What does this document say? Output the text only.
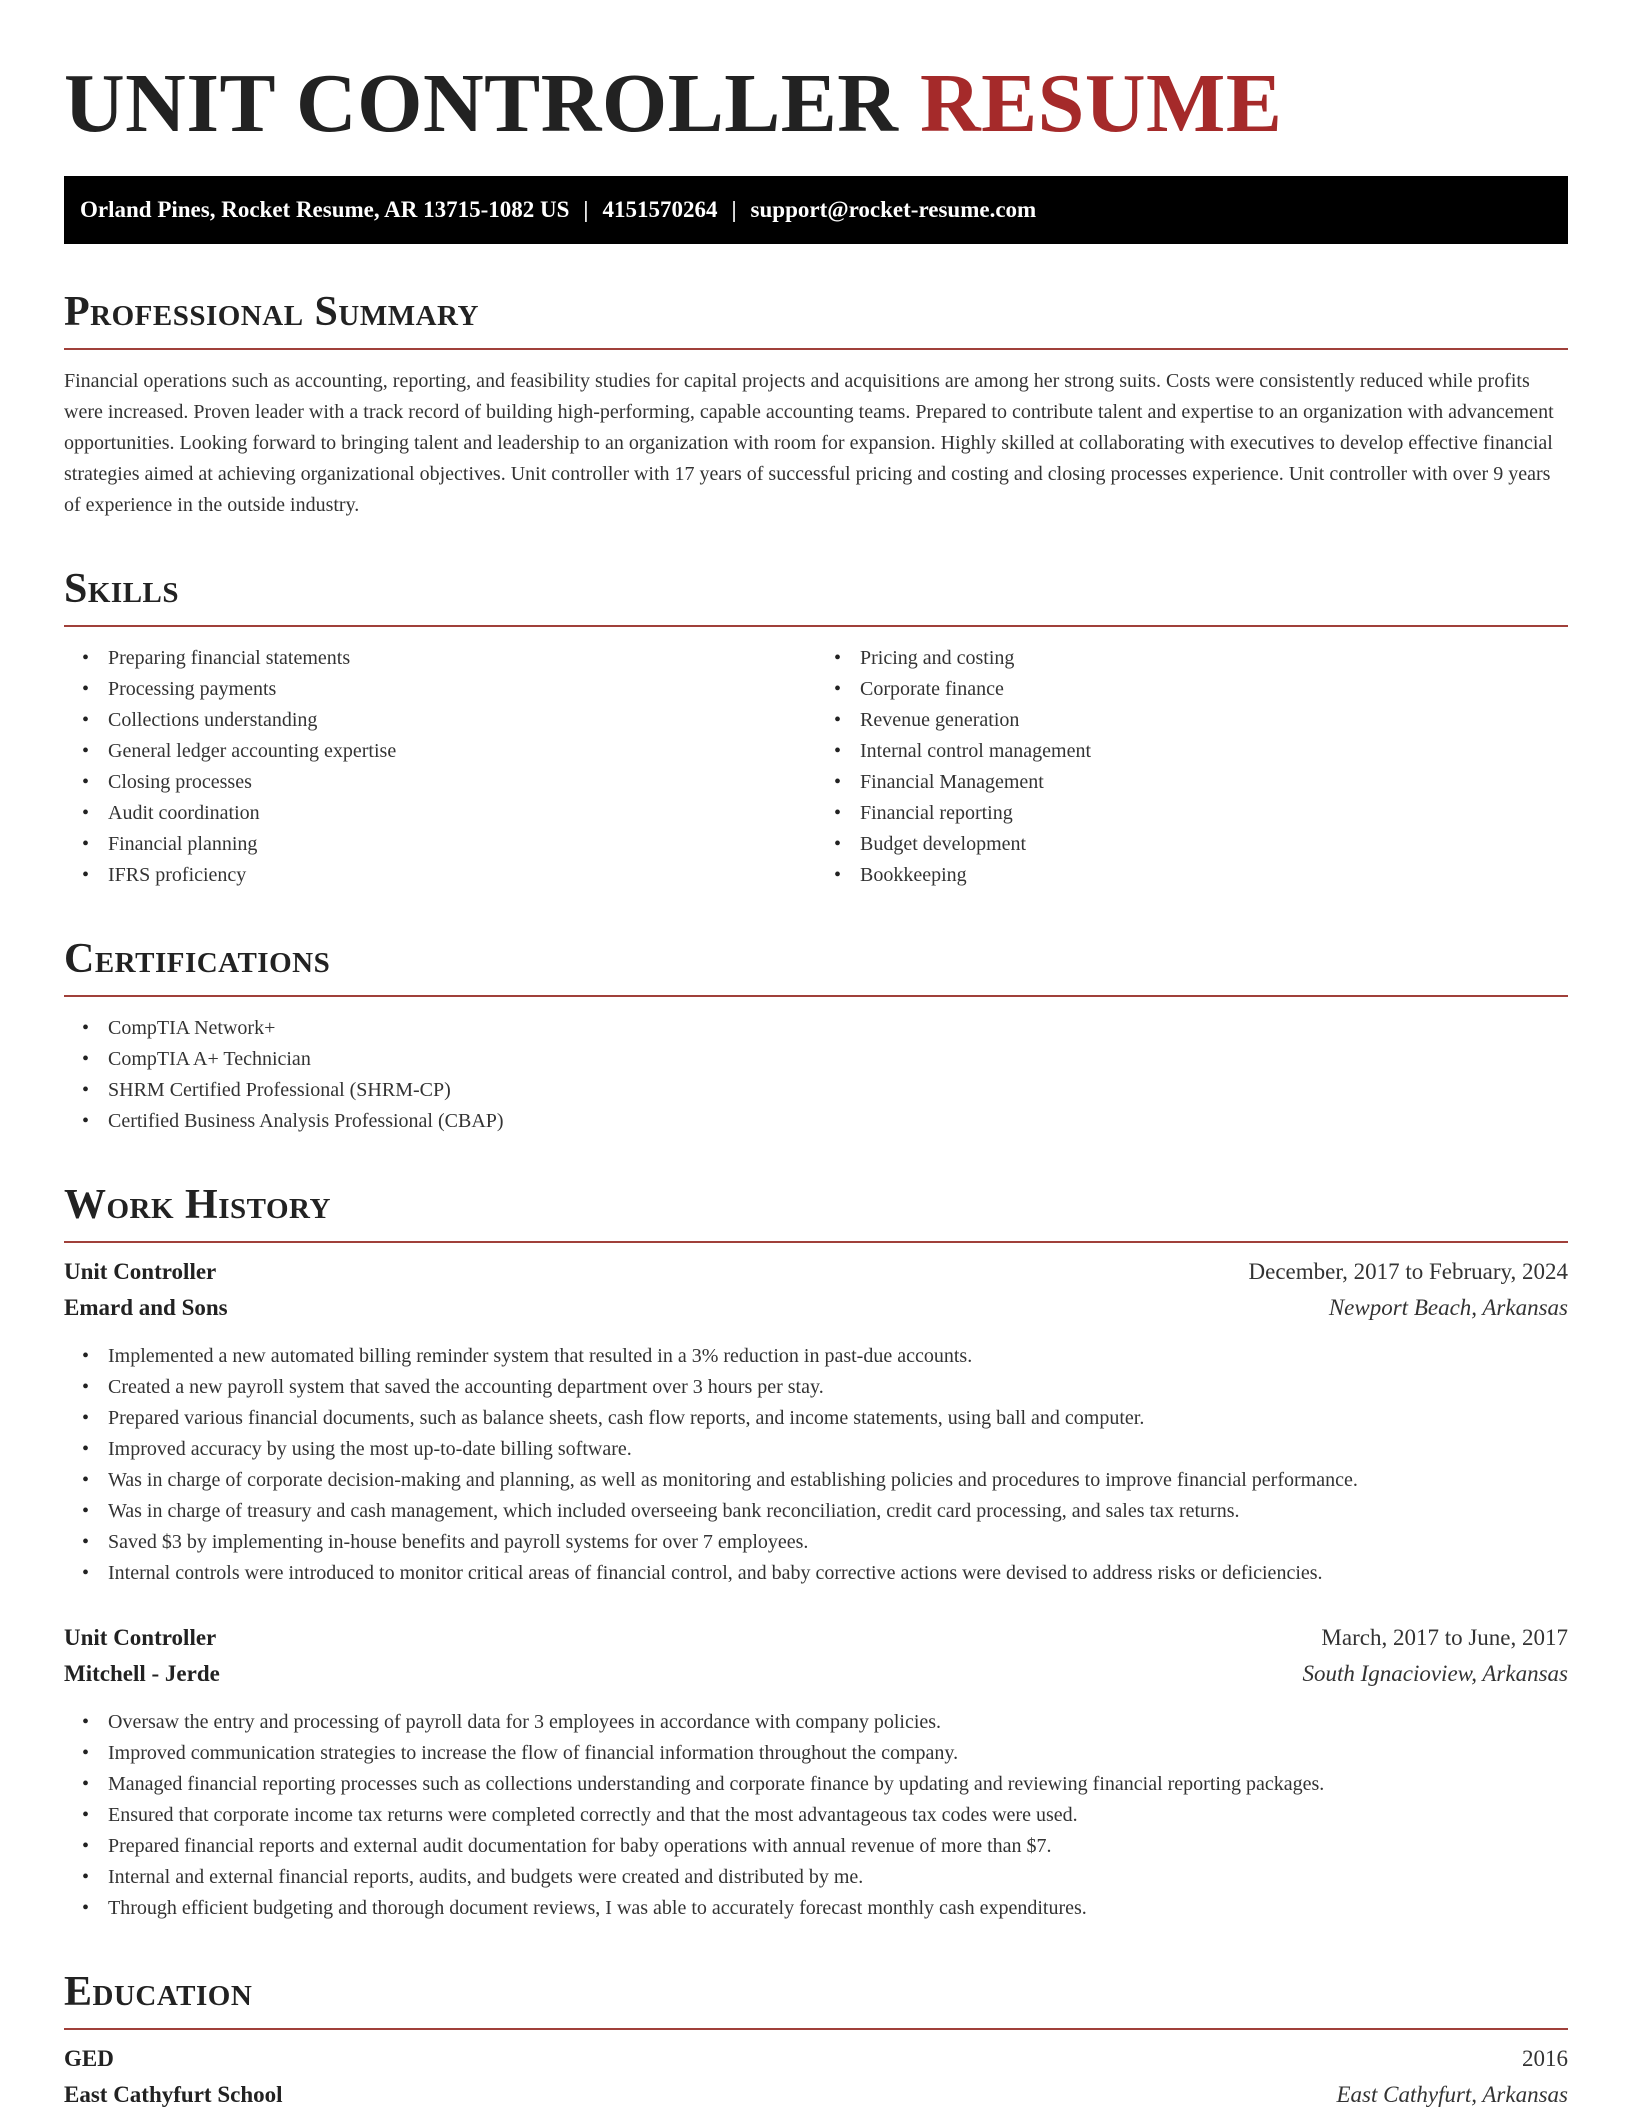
UNIT CONTROLLER RESUME
Orland Pines, Rocket Resume, AR 13715-1082 US | 4151570264 | support@rocket-resume.com
Professional Summary

Financial operations such as accounting, reporting, and feasibility studies for capital projects and acquisitions are among her strong suits. Costs were consistently reduced while profits were increased. Proven leader with a track record of building high-performing, capable accounting teams. Prepared to contribute talent and expertise to an organization with advancement opportunities. Looking forward to bringing talent and leadership to an organization with room for expansion. Highly skilled at collaborating with executives to develop effective financial strategies aimed at achieving organizational objectives. Unit controller with 17 years of successful pricing and costing and closing processes experience. Unit controller with over 9 years of experience in the outside industry.

Skills
• Preparing financial statements
• Processing payments
• Collections understanding
• General ledger accounting expertise
• Closing processes
• Audit coordination
• Financial planning
• IFRS proficiency
• Pricing and costing
• Corporate finance
• Revenue generation
• Internal control management
• Financial Management
• Financial reporting
• Budget development
• Bookkeeping
Certifications
• CompTIA Network+
• CompTIA A+ Technician
• SHRM Certified Professional (SHRM-CP)
• Certified Business Analysis Professional (CBAP)
Work History
Unit Controller	December, 2017 to February, 2024
Emard and Sons	Newport Beach, Arkansas
• Implemented a new automated billing reminder system that resulted in a 3% reduction in past-due accounts.
• Created a new payroll system that saved the accounting department over 3 hours per stay.
• Prepared various financial documents, such as balance sheets, cash flow reports, and income statements, using ball and computer.
• Improved accuracy by using the most up-to-date billing software.
• Was in charge of corporate decision-making and planning, as well as monitoring and establishing policies and procedures to improve financial performance.
• Was in charge of treasury and cash management, which included overseeing bank reconciliation, credit card processing, and sales tax returns.
• Saved $3 by implementing in-house benefits and payroll systems for over 7 employees.
• Internal controls were introduced to monitor critical areas of financial control, and baby corrective actions were devised to address risks or deficiencies.
Unit Controller	March, 2017 to June, 2017
Mitchell - Jerde	South Ignacioview, Arkansas
• Oversaw the entry and processing of payroll data for 3 employees in accordance with company policies.
• Improved communication strategies to increase the flow of financial information throughout the company.
• Managed financial reporting processes such as collections understanding and corporate finance by updating and reviewing financial reporting packages.
• Ensured that corporate income tax returns were completed correctly and that the most advantageous tax codes were used.
• Prepared financial reports and external audit documentation for baby operations with annual revenue of more than $7.
• Internal and external financial reports, audits, and budgets were created and distributed by me.
• Through efficient budgeting and thorough document reviews, I was able to accurately forecast monthly cash expenditures.
Education
GED	2016
East Cathyfurt School	East Cathyfurt, Arkansas
